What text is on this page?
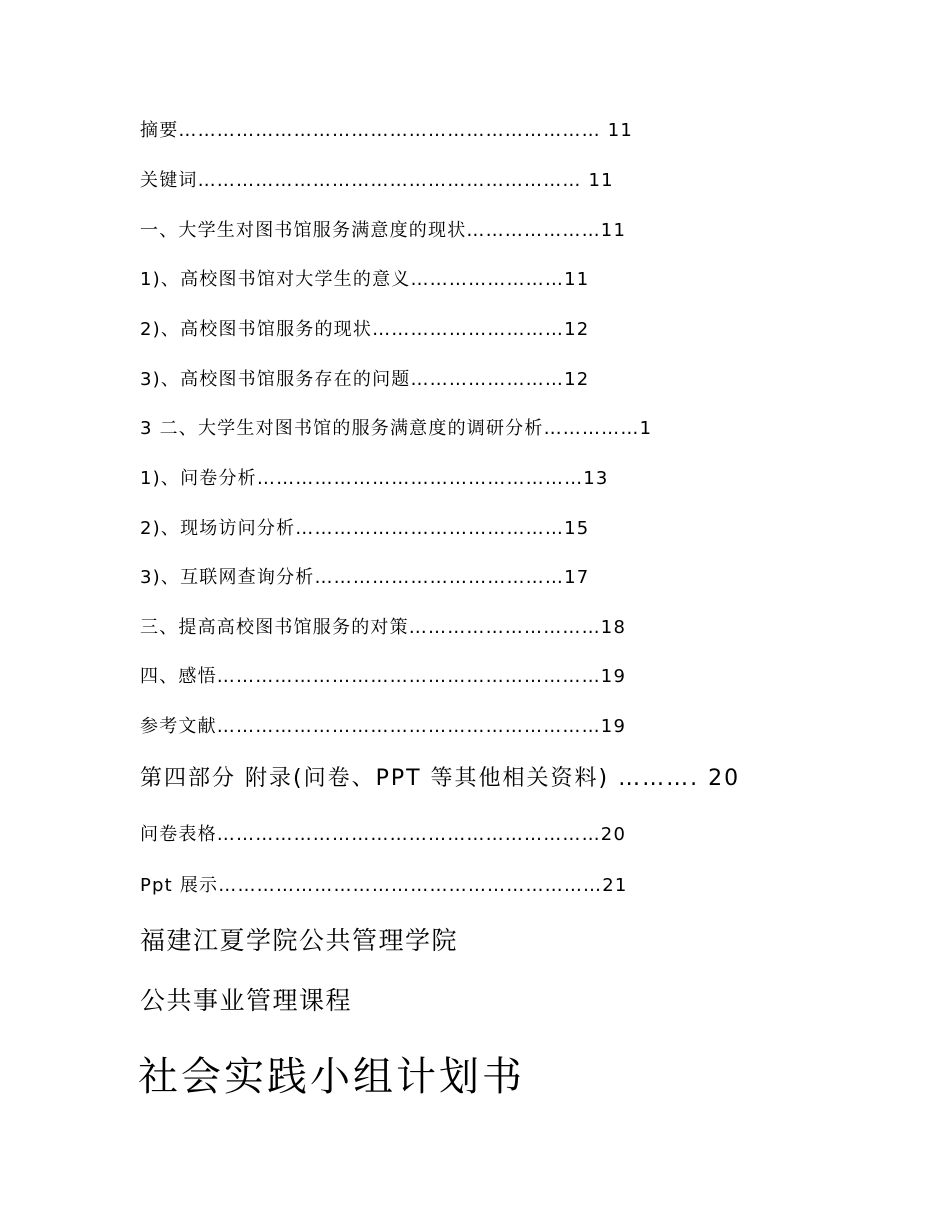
摘要………………………………………………………… 11
关键词…………………………………………………… 11
一、大学生对图书馆服务满意度的现状…………………11
1)、高校图书馆对大学生的意义……………………11
2)、高校图书馆服务的现状…………………………12
3)、高校图书馆服务存在的问题……………………12
3 二、大学生对图书馆的服务满意度的调研分析……………1
1)、问卷分析……………………………………………13
2)、现场访问分析……………………………………15
3)、互联网查询分析…………………………………17
三、提高高校图书馆服务的对策…………………………18
四、感悟……………………………………………………19
参考文献……………………………………………………19
第四部分 附录(问卷、PPT 等其他相关资料) ………. 20
问卷表格……………………………………………………20
Ppt 展示……………………………………………………21
福建江夏学院公共管理学院
公共事业管理课程
社会实践小组计划书
